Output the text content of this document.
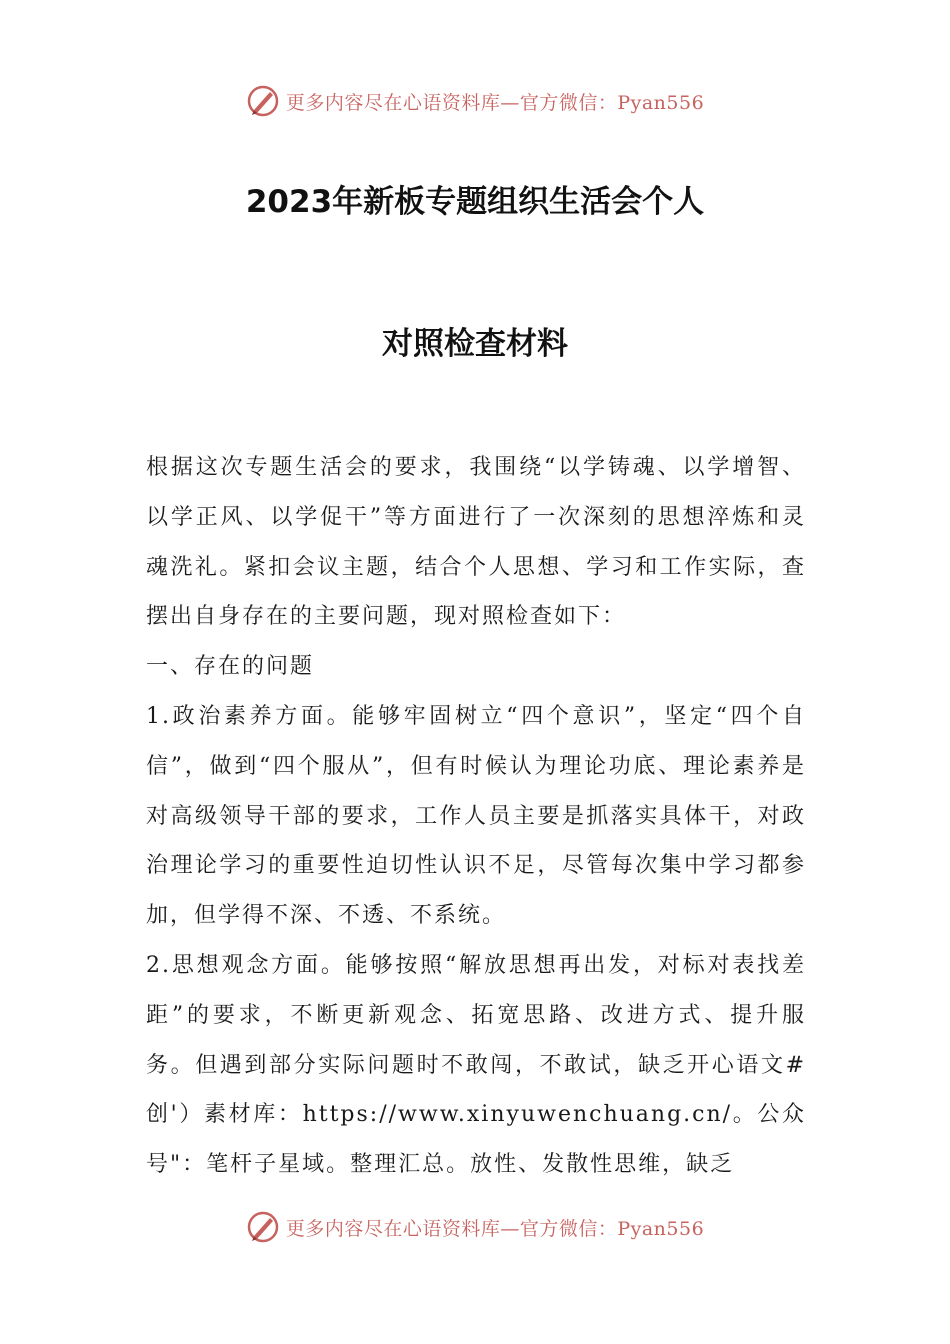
更多内容尽在心语资料库—官方微信：Pyan556
2023年新板专题组织生活会个人
对照检查材料

根据这次专题生活会的要求，我围绕“以学铸魂、以学增智、以学正风、以学促干”等方面进行了一次深刻的思想淬炼和灵魂洗礼。紧扣会议主题，结合个人思想、学习和工作实际，查摆出自身存在的主要问题，现对照检查如下：

一、存在的问题

1.政治素养方面。能够牢固树立“四个意识”，坚定“四个自信”，做到“四个服从”，但有时候认为理论功底、理论素养是对高级领导干部的要求，工作人员主要是抓落实具体干，对政治理论学习的重要性迫切性认识不足，尽管每次集中学习都参加，但学得不深、不透、不系统。

2.思想观念方面。能够按照“解放思想再出发，对标对表找差距”的要求，不断更新观念、拓宽思路、改进方式、提升服务。但遇到部分实际问题时不敢闯，不敢试，缺乏开心语文#创'）素材库：https://www.xinyuwenchuang.cn/。公众号"：笔杆子星域。整理汇总。放性、发散性思维，缺乏

更多内容尽在心语资料库—官方微信：Pyan556
